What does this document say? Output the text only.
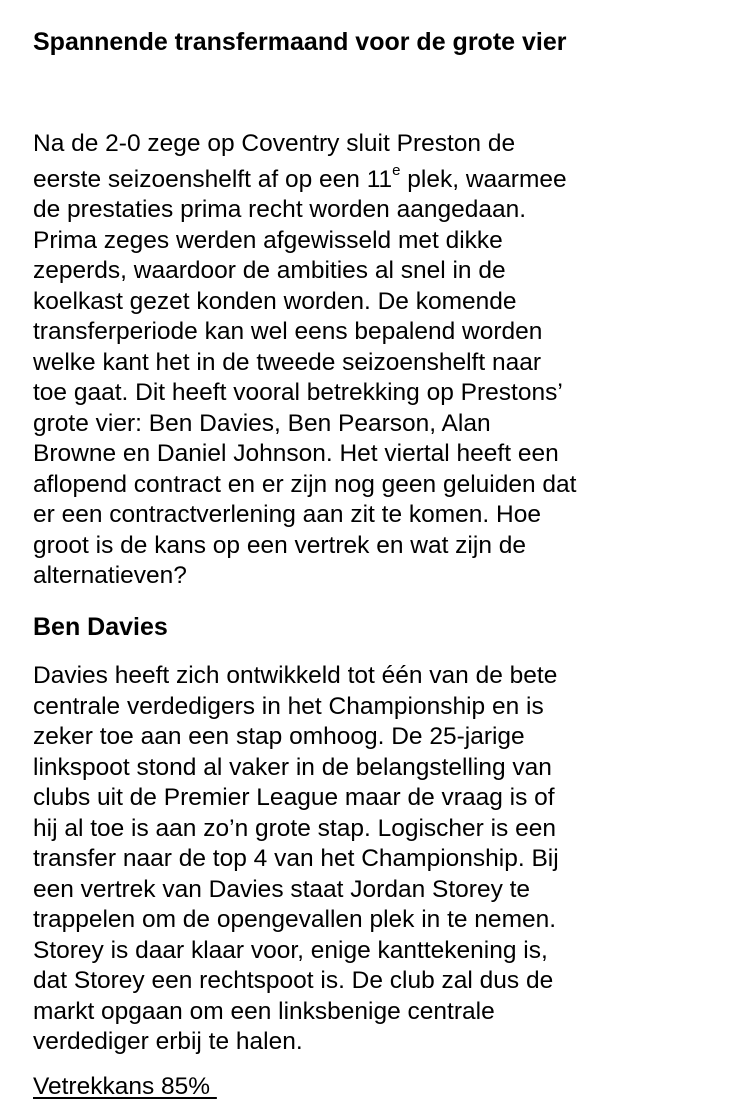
Spannende transfermaand voor de grote vier

Na de 2-0 zege op Coventry sluit Preston de
eerste seizoenshelft af op een 11e plek, waarmee
de prestaties prima recht worden aangedaan.
Prima zeges werden afgewisseld met dikke
zeperds, waardoor de ambities al snel in de
koelkast gezet konden worden. De komende
transferperiode kan wel eens bepalend worden
welke kant het in de tweede seizoenshelft naar
toe gaat. Dit heeft vooral betrekking op Prestons’
grote vier: Ben Davies, Ben Pearson, Alan
Browne en Daniel Johnson. Het viertal heeft een
aflopend contract en er zijn nog geen geluiden dat
er een contractverlening aan zit te komen. Hoe
groot is de kans op een vertrek en wat zijn de
alternatieven?

Ben Davies

Davies heeft zich ontwikkeld tot één van de bete
centrale verdedigers in het Championship en is
zeker toe aan een stap omhoog. De 25-jarige
linkspoot stond al vaker in de belangstelling van
clubs uit de Premier League maar de vraag is of
hij al toe is aan zo’n grote stap. Logischer is een
transfer naar de top 4 van het Championship. Bij
een vertrek van Davies staat Jordan Storey te
trappelen om de opengevallen plek in te nemen.
Storey is daar klaar voor, enige kanttekening is,
dat Storey een rechtspoot is. De club zal dus de
markt opgaan om een linksbenige centrale
verdediger erbij te halen.

Vetrekkans 85%
